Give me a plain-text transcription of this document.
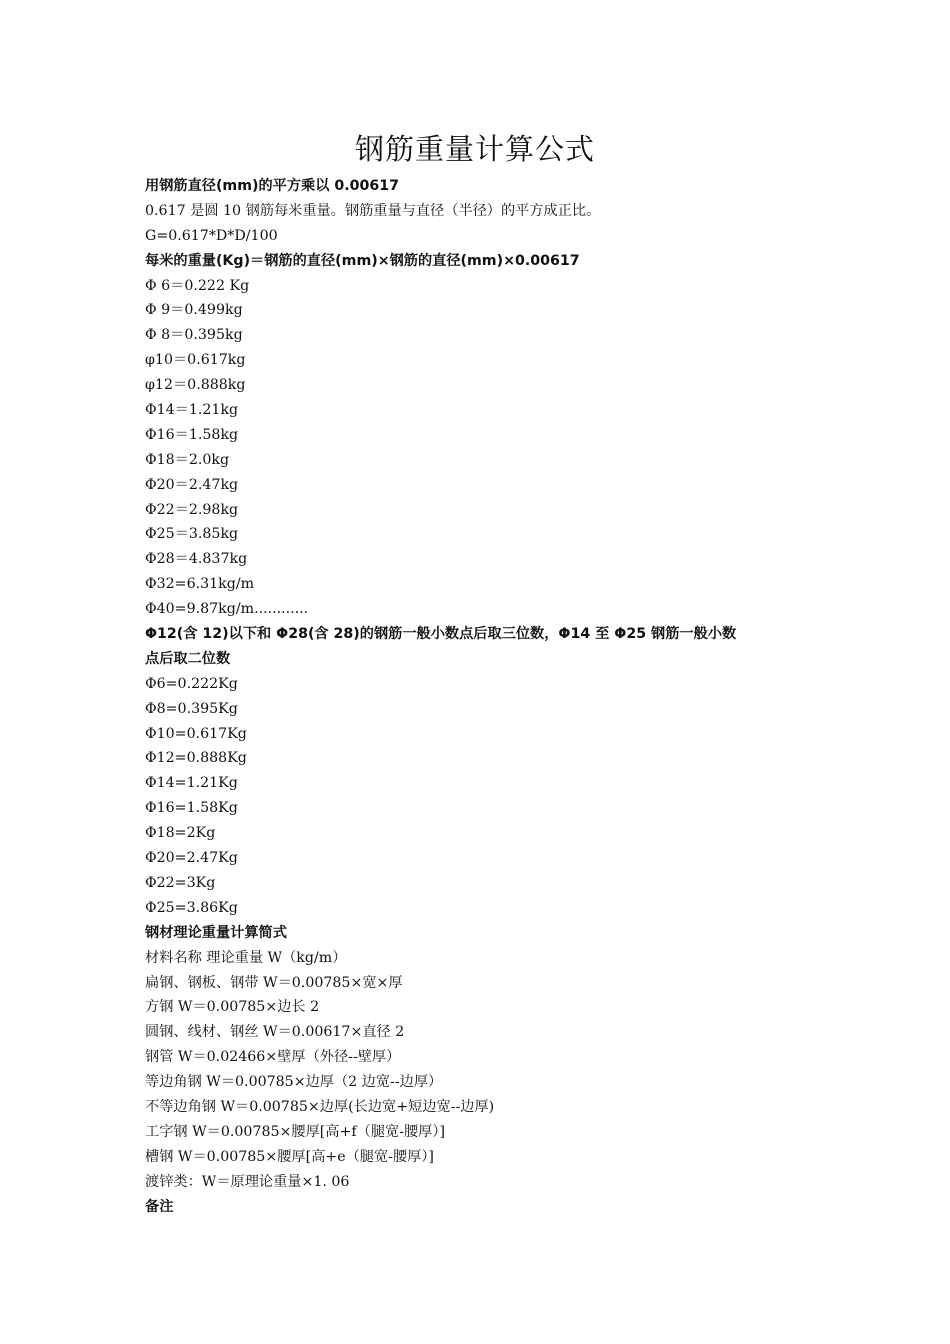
钢筋重量计算公式
用钢筋直径(mm)的平方乘以 0.00617
0.617 是圆 10 钢筋每米重量。钢筋重量与直径（半径）的平方成正比。
G=0.617*D*D/100
每米的重量(Kg)＝钢筋的直径(mm)×钢筋的直径(mm)×0.00617
Φ 6＝0.222 Kg
Φ 9＝0.499kg
Φ 8＝0.395kg
φ10＝0.617kg
φ12＝0.888kg
Φ14＝1.21kg
Φ16＝1.58kg
Φ18＝2.0kg
Φ20＝2.47kg
Φ22＝2.98kg
Φ25＝3.85kg
Φ28＝4.837kg
Φ32=6.31kg/m
Φ40=9.87kg/m............
Φ12(含 12)以下和 Φ28(含 28)的钢筋一般小数点后取三位数，Φ14 至 Φ25 钢筋一般小数
点后取二位数
Φ6=0.222Kg
Φ8=0.395Kg
Φ10=0.617Kg
Φ12=0.888Kg
Φ14=1.21Kg
Φ16=1.58Kg
Φ18=2Kg
Φ20=2.47Kg
Φ22=3Kg
Φ25=3.86Kg
钢材理论重量计算简式
材料名称 理论重量 W（kg/m）
扁钢、钢板、钢带 W＝0.00785×宽×厚
方钢 W＝0.00785×边长 2
圆钢、线材、钢丝 W＝0.00617×直径 2
钢管 W＝0.02466×壁厚（外径--壁厚）
等边角钢 W＝0.00785×边厚（2 边宽--边厚）
不等边角钢 W＝0.00785×边厚(长边宽+短边宽--边厚)
工字钢 W＝0.00785×腰厚[高+f（腿宽-腰厚）]
槽钢 W＝0.00785×腰厚[高+e（腿宽-腰厚）]
渡锌类：W＝原理论重量×1. 06
备注
